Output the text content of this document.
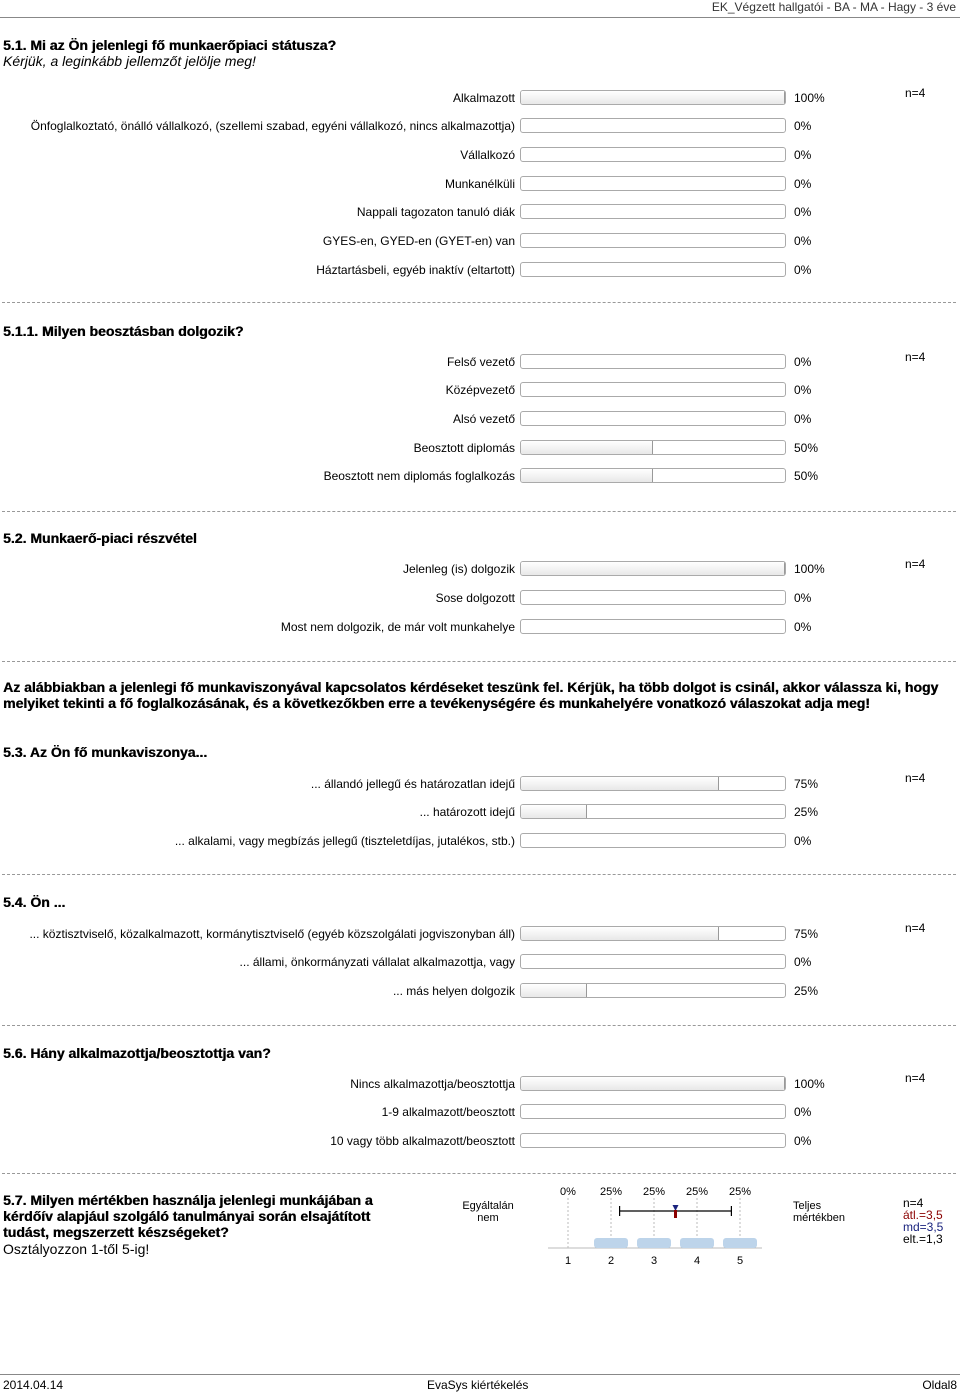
EK_Végzett hallgatói - BA - MA - Hagy - 3 éve
5.1. Mi az Ön jelenlegi fő munkaerőpiaci státusza?
Kérjük, a leginkább jellemzőt jelölje meg!
n=4
Alkalmazott	100%
Önfoglalkoztató, önálló vállalkozó, (szellemi szabad, egyéni vállalkozó, nincs alkalmazottja)	0%
Vállalkozó	0%
Munkanélküli	0%
Nappali tagozaton tanuló diák	0%
GYES-en, GYED-en (GYET-en) van	0%
Háztartásbeli, egyéb inaktív (eltartott)	0%
5.1.1. Milyen beosztásban dolgozik?
n=4
Felső vezető	0%
Középvezető	0%
Alsó vezető	0%
Beosztott diplomás	50%
Beosztott nem diplomás foglalkozás	50%
5.2. Munkaerő-piaci részvétel
n=4
Jelenleg (is) dolgozik	100%
Sose dolgozott	0%
Most nem dolgozik, de már volt munkahelye	0%
5.3. Az Ön fő munkaviszonya...
n=4
... állandó jellegű és határozatlan idejű	75%
... határozott idejű	25%
... alkalami, vagy megbízás jellegű (tiszteletdíjas, jutalékos, stb.)	0%
5.4. Ön ...
n=4
... köztisztviselő, közalkalmazott, kormánytisztviselő (egyéb közszolgálati jogviszonyban áll)	75%
... állami, önkormányzati vállalat alkalmazottja, vagy	0%
... más helyen dolgozik	25%
5.6. Hány alkalmazottja/beosztottja van?
n=4
Nincs alkalmazottja/beosztottja	100%
1-9 alkalmazott/beosztott	0%
10 vagy több alkalmazott/beosztott	0%
Az alábbiakban a jelenlegi fő munkaviszonyával kapcsolatos kérdéseket teszünk fel. Kérjük, ha több dolgot is csinál, akkor válassza ki, hogy melyiket tekinti a fő foglalkozásának, és a következőkben erre a tevékenységére és munkahelyére vonatkozó válaszokat adja meg!
5.7. Milyen mértékben használja jelenlegi munkájában a kérdőív alapjául szolgáló tanulmányai során elsajátított tudást, megszerzett készségeket?
Osztályozzon 1-től 5-ig!
Egyáltalán nem
Teljes mértékben
0% 25% 25% 25% 25%
1	2	3	4	5
n=4
átl.=3,5
md=3,5
elt.=1,3
2014.04.14	EvaSys kiértékelés	Oldal8
